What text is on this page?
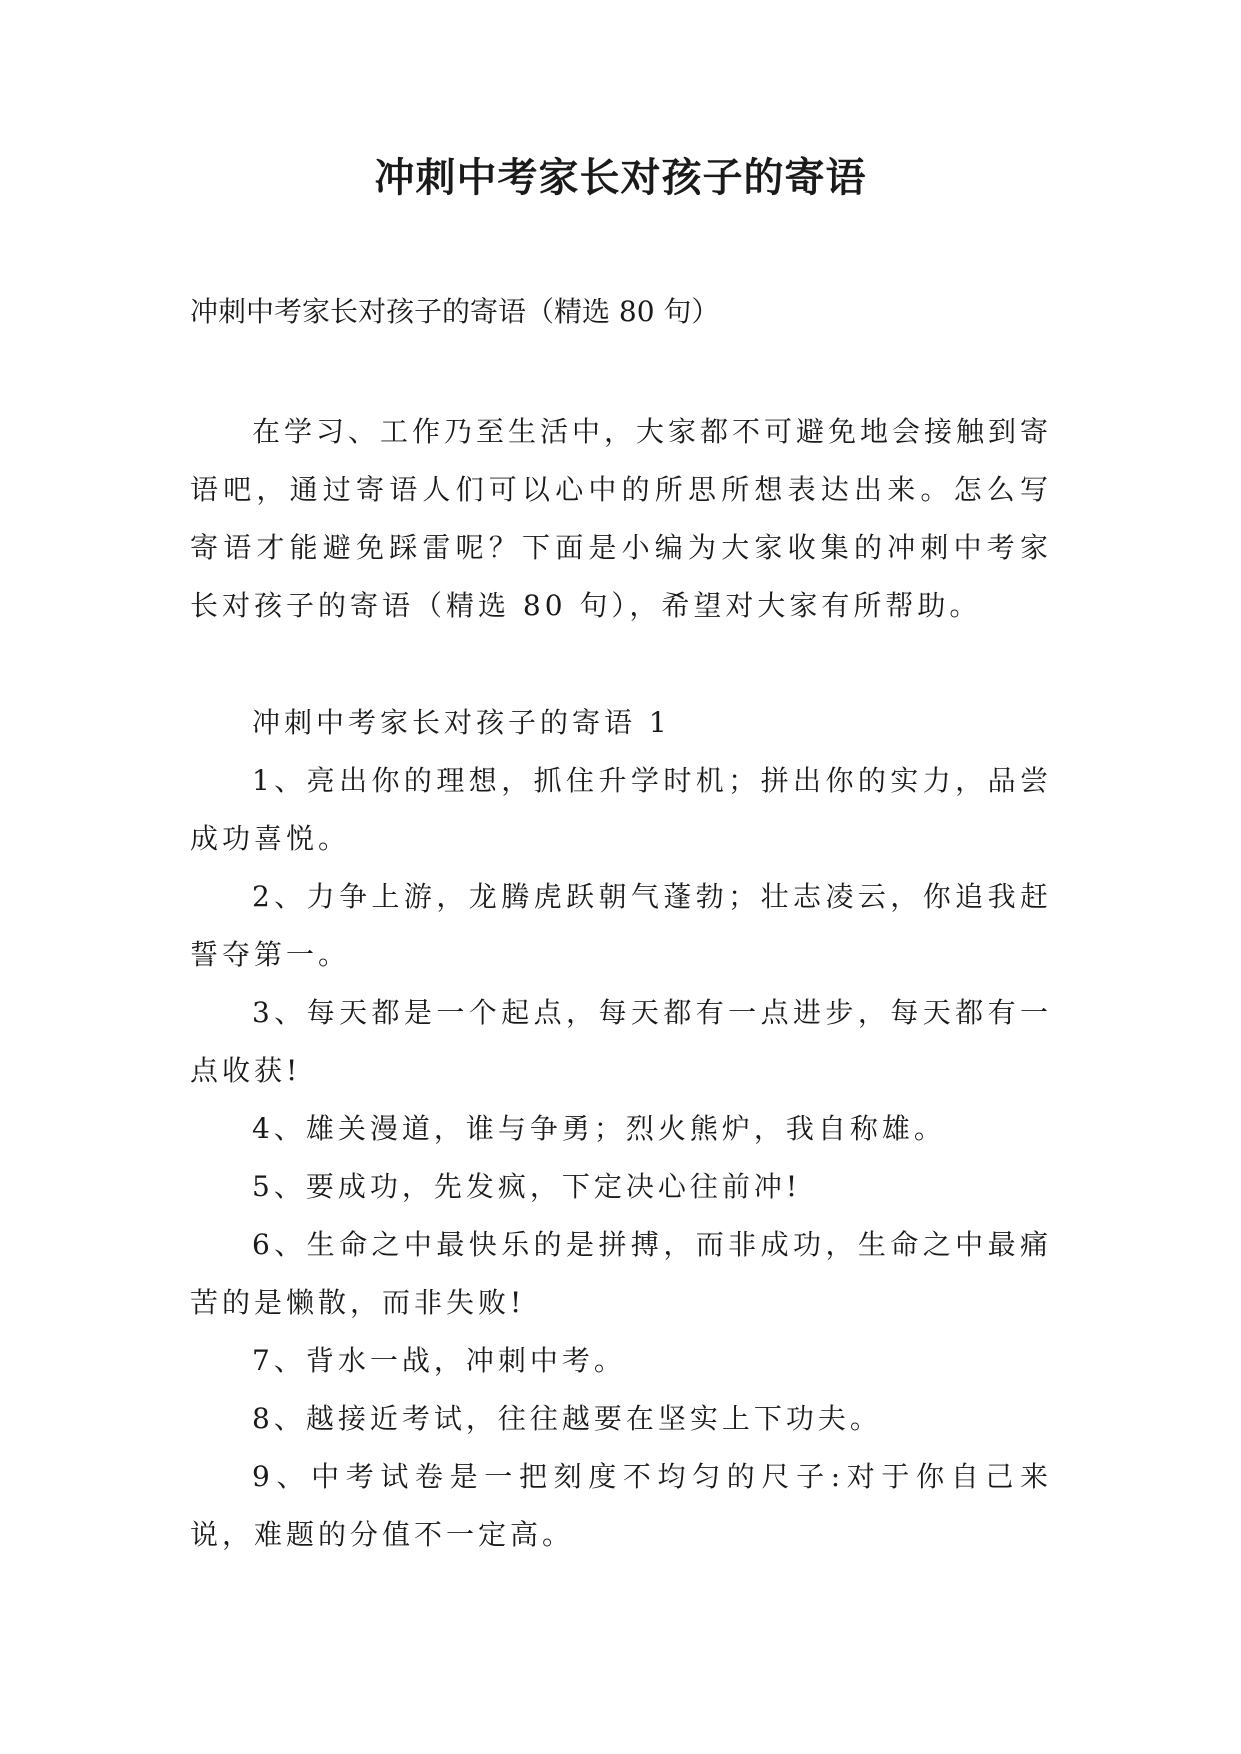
冲刺中考家长对孩子的寄语

冲刺中考家长对孩子的寄语（精选 80 句）

在学习、工作乃至生活中，大家都不可避免地会接触到寄语吧，通过寄语人们可以心中的所思所想表达出来。怎么写寄语才能避免踩雷呢？下面是小编为大家收集的冲刺中考家长对孩子的寄语（精选 80 句），希望对大家有所帮助。

冲刺中考家长对孩子的寄语 1

1、亮出你的理想，抓住升学时机；拼出你的实力，品尝成功喜悦。

2、力争上游，龙腾虎跃朝气蓬勃；壮志凌云，你追我赶誓夺第一。

3、每天都是一个起点，每天都有一点进步，每天都有一点收获!

4、雄关漫道，谁与争勇；烈火熊炉，我自称雄。

5、要成功，先发疯，下定决心往前冲!

6、生命之中最快乐的是拼搏，而非成功，生命之中最痛苦的是懒散，而非失败!

7、背水一战，冲刺中考。

8、越接近考试，往往越要在坚实上下功夫。

9、中考试卷是一把刻度不均匀的尺子:对于你自己来说，难题的分值不一定高。
